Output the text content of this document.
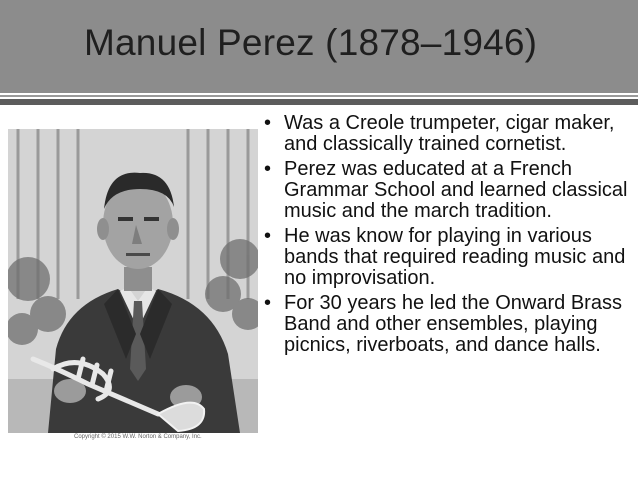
Manuel Perez (1878–1946)
Copyright © 2015 W.W. Norton & Company, Inc.
• Was a Creole trumpeter, cigar maker, and classically trained cornetist.
• Perez was educated at a French Grammar School and learned classical music and the march tradition.
• He was know for playing in various bands that required reading music and no improvisation.
• For 30 years he led the Onward Brass Band and other ensembles, playing picnics, riverboats, and dance halls.
